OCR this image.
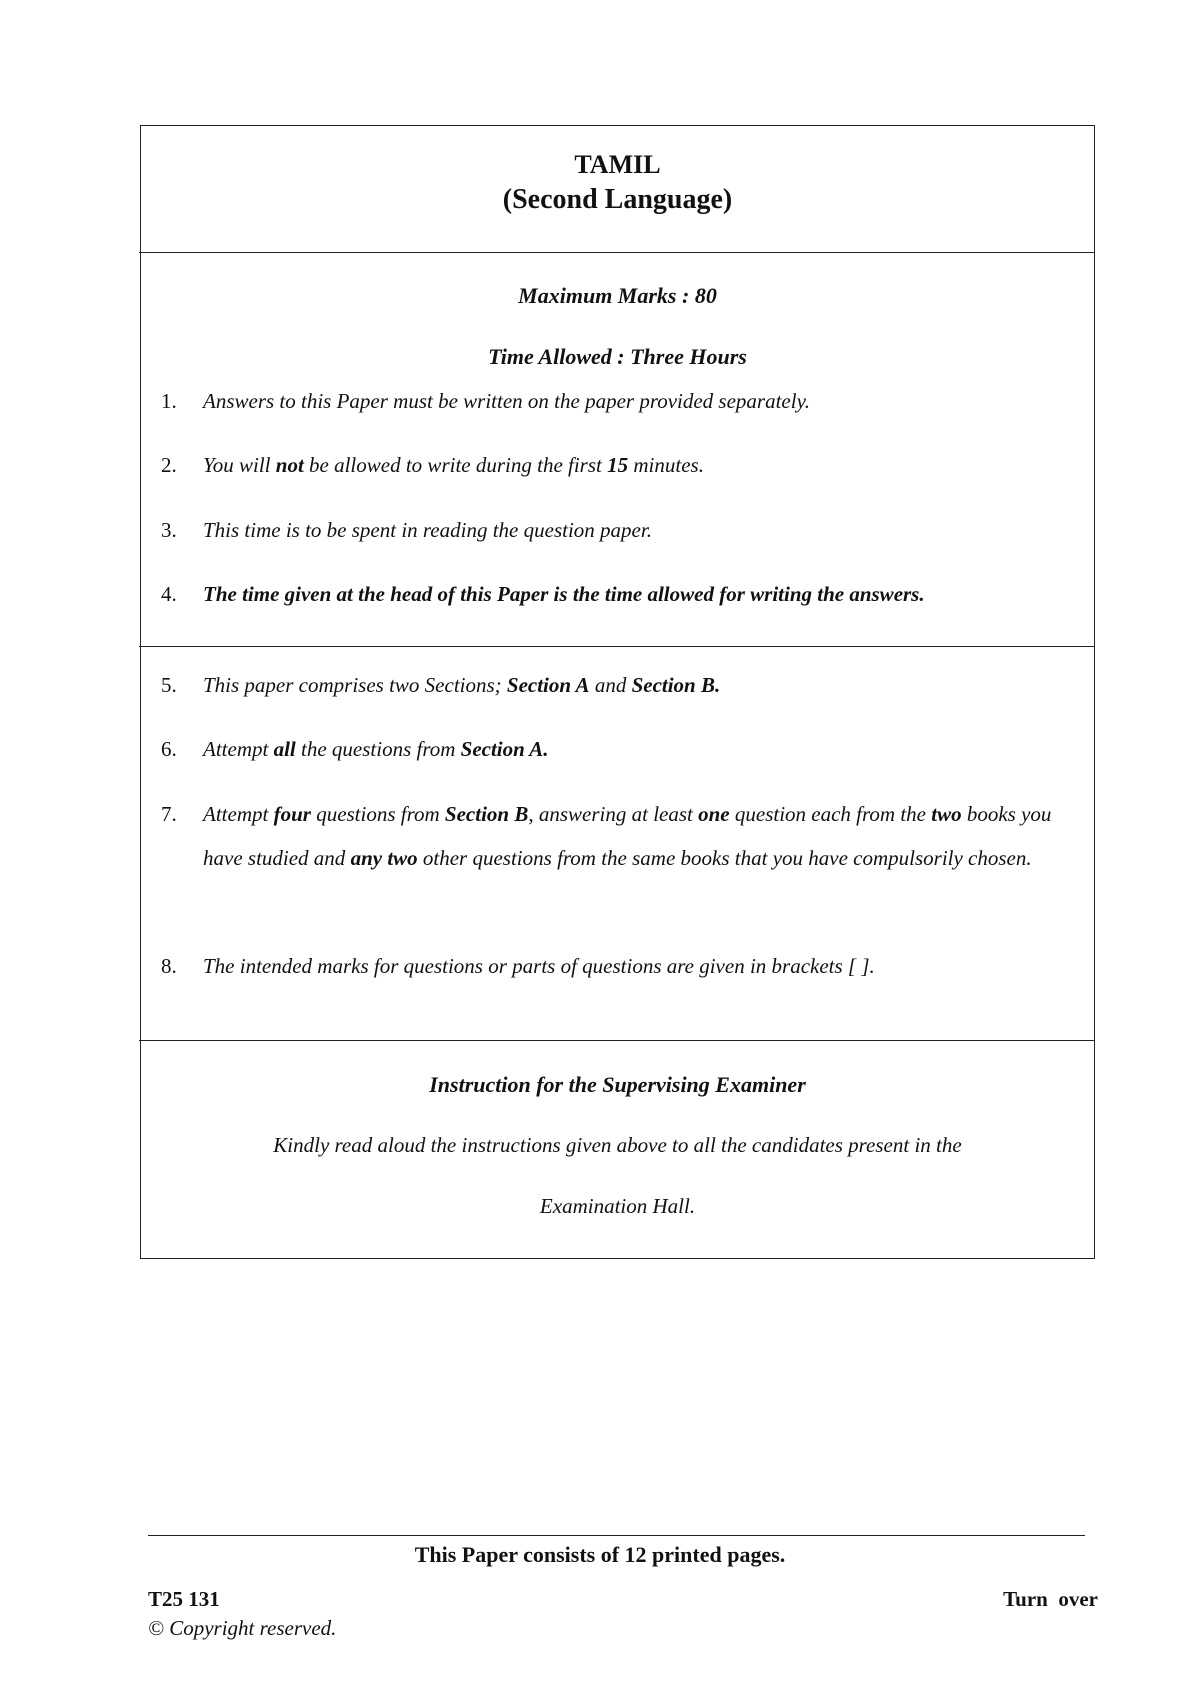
TAMIL
(Second Language)
Maximum Marks : 80
Time Allowed : Three Hours
1. Answers to this Paper must be written on the paper provided separately.
2. You will not be allowed to write during the first 15 minutes.
3. This time is to be spent in reading the question paper.
4. The time given at the head of this Paper is the time allowed for writing the answers.
5. This paper comprises two Sections; Section A and Section B.
6. Attempt all the questions from Section A.
7. Attempt four questions from Section B, answering at least one question each from the two books you have studied and any two other questions from the same books that you have compulsorily chosen.
8. The intended marks for questions or parts of questions are given in brackets [ ].
Instruction for the Supervising Examiner
Kindly read aloud the instructions given above to all the candidates present in the
Examination Hall.
This Paper consists of 12 printed pages.
T25 131	Turn  over
© Copyright reserved.
